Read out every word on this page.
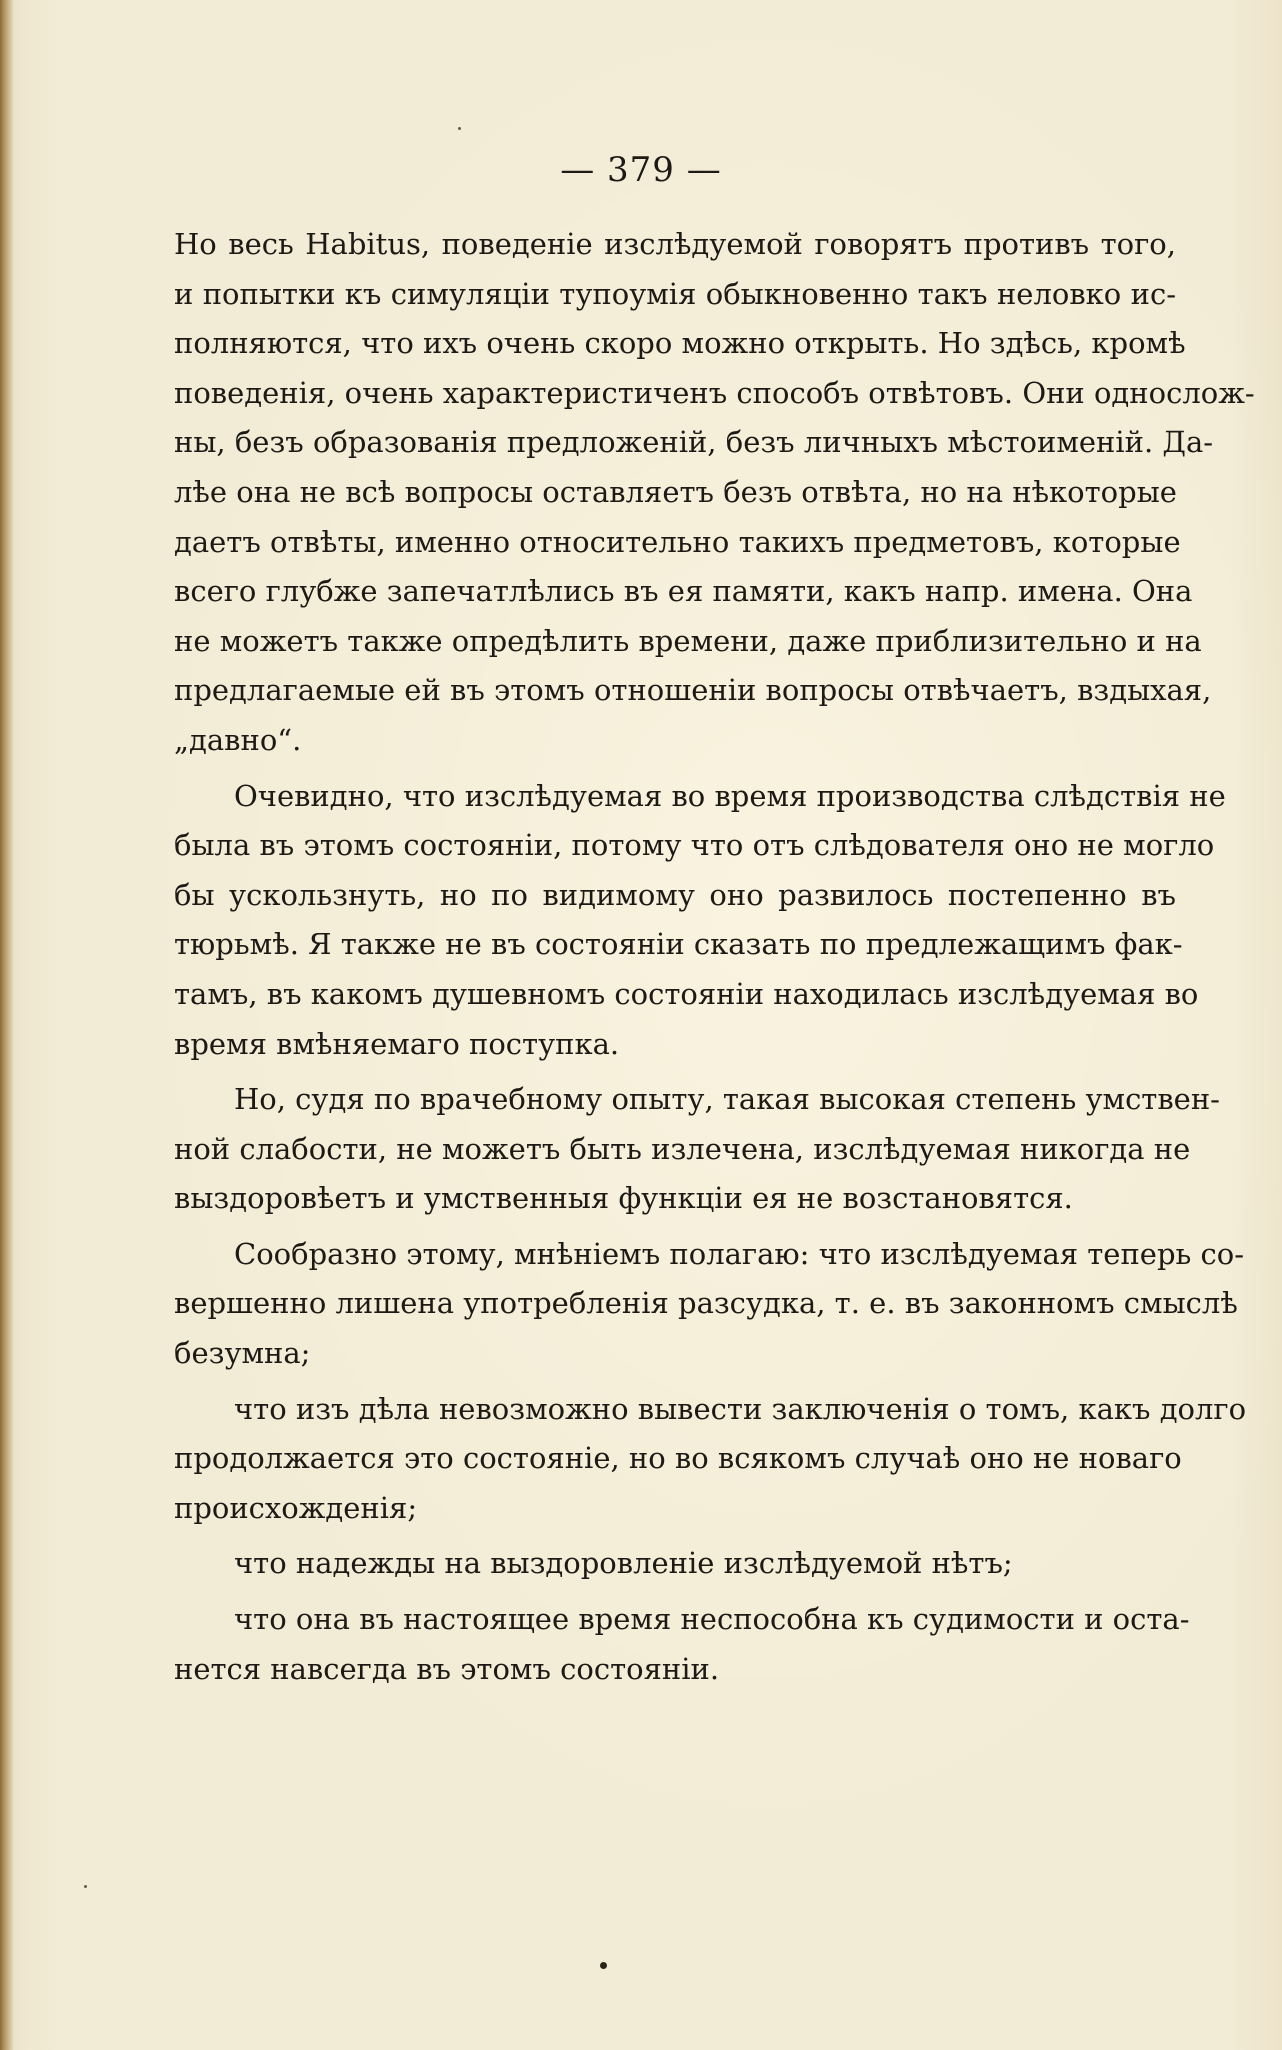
— 379 —
Но весь Habitus, поведеніе изслѣдуемой говорятъ противъ того,
и попытки къ симуляціи тупоумія обыкновенно такъ неловко ис-
полняются, что ихъ очень скоро можно открыть. Но здѣсь, кромѣ
поведенія, очень характеристиченъ способъ отвѣтовъ. Они однослож-
ны, безъ образованія предложеній, безъ личныхъ мѣстоименій. Да-
лѣе она не всѣ вопросы оставляетъ безъ отвѣта, но на нѣкоторые
даетъ отвѣты, именно относительно такихъ предметовъ, которые
всего глубже запечатлѣлись въ ея памяти, какъ напр. имена. Она
не можетъ также опредѣлить времени, даже приблизительно и на
предлагаемые ей въ этомъ отношеніи вопросы отвѣчаетъ, вздыхая,
„давно“.
Очевидно, что изслѣдуемая во время производства слѣдствія не
была въ этомъ состояніи, потому что отъ слѣдователя оно не могло
бы ускользнуть, но по видимому оно развилось постепенно въ
тюрьмѣ. Я также не въ состояніи сказать по предлежащимъ фак-
тамъ, въ какомъ душевномъ состояніи находилась изслѣдуемая во
время вмѣняемаго поступка.
Но, судя по врачебному опыту, такая высокая степень умствен-
ной слабости, не можетъ быть излечена, изслѣдуемая никогда не
выздоровѣетъ и умственныя функціи ея не возстановятся.
Сообразно этому, мнѣніемъ полагаю: что изслѣдуемая теперь со-
вершенно лишена употребленія разсудка, т. е. въ законномъ смыслѣ
безумна;
что изъ дѣла невозможно вывести заключенія о томъ, какъ долго
продолжается это состояніе, но во всякомъ случаѣ оно не новаго
происхожденія;
что надежды на выздоровленіе изслѣдуемой нѣтъ;
что она въ настоящее время неспособна къ судимости и оста-
нется навсегда въ этомъ состояніи.
